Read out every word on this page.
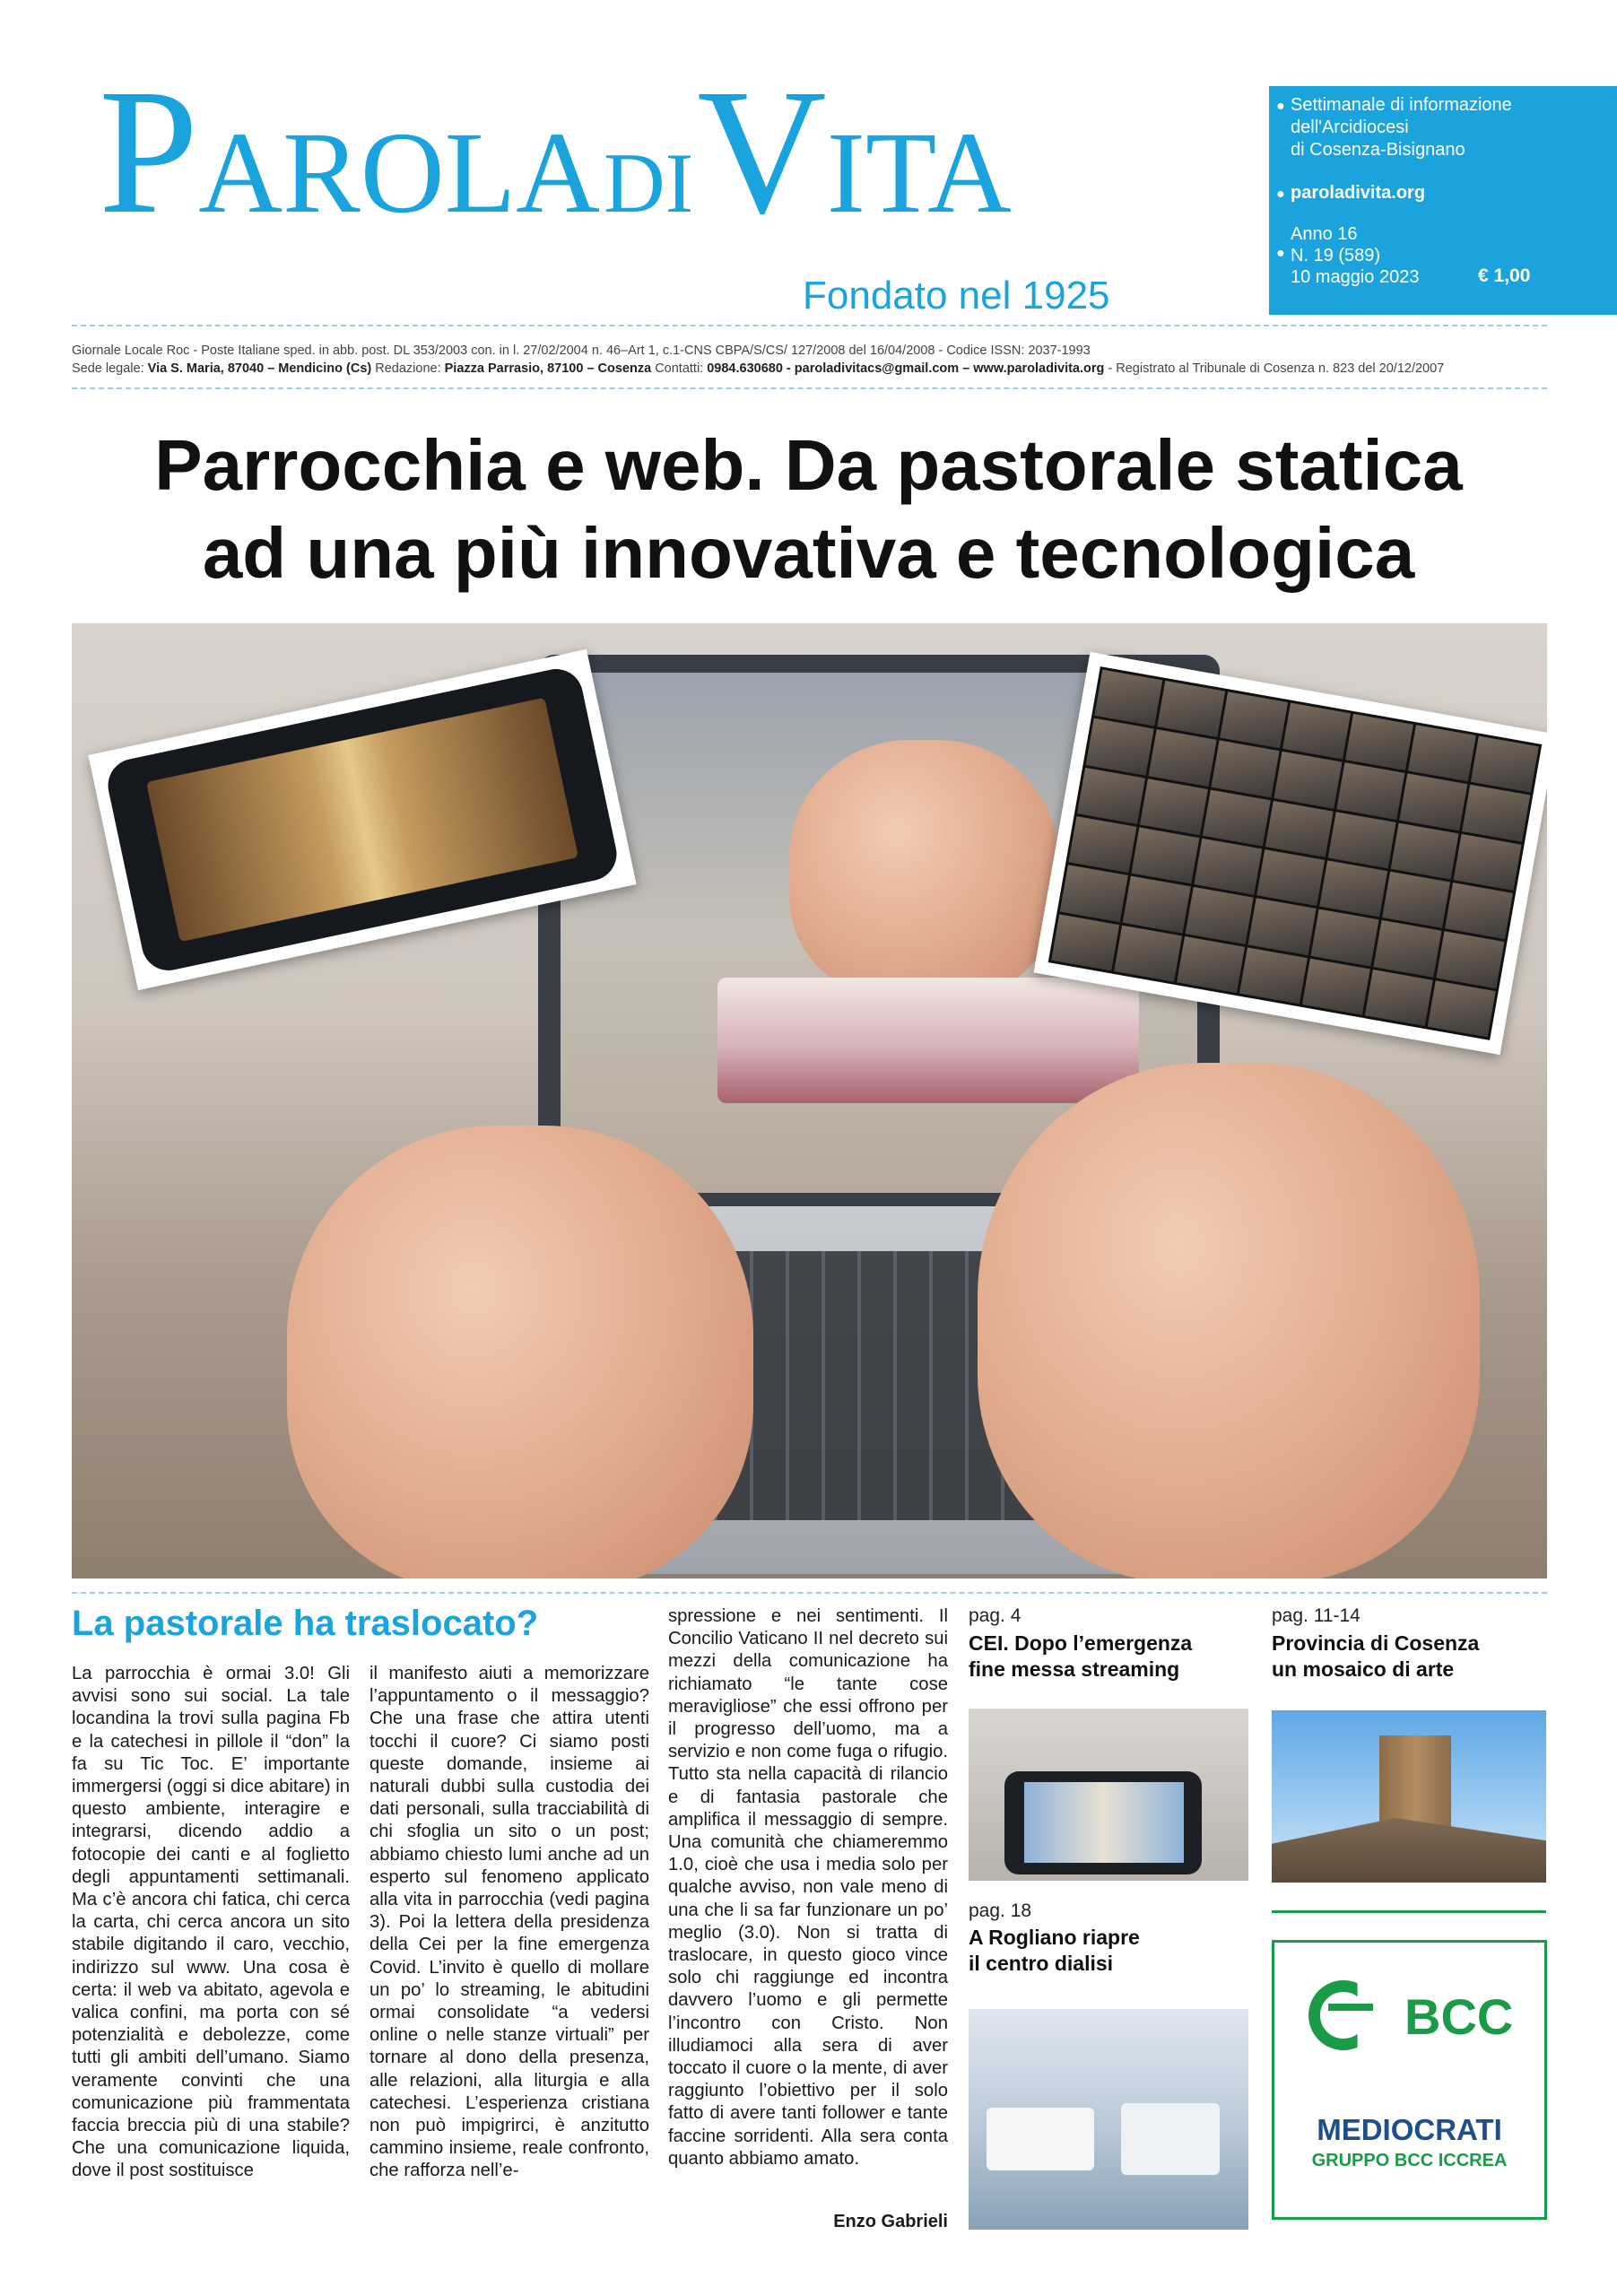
PAROLA DI VITA
Fondato nel 1925
● Settimanale di informazione
dell'Arcidiocesi
di Cosenza-Bisignano
● paroladivita.org
●
Anno 16
N. 19 (589)
10 maggio 2023	€ 1,00
Giornale Locale Roc - Poste Italiane sped. in abb. post. DL 353/2003 con. in l. 27/02/2004 n. 46–Art 1, c.1-CNS CBPA/S/CS/ 127/2008 del 16/04/2008 - Codice ISSN: 2037-1993
Sede legale: Via S. Maria, 87040 – Mendicino (Cs) Redazione: Piazza Parrasio, 87100 – Cosenza Contatti: 0984.630680 - paroladivitacs@gmail.com – www.paroladivita.org - Registrato al Tribunale di Cosenza n. 823 del 20/12/2007
Parrocchia e web. Da pastorale statica
ad una più innovativa e tecnologica
La pastorale ha traslocato?

La parrocchia è ormai 3.0! Gli avvisi sono sui social. La tale locandina la trovi sulla pagina Fb e la catechesi in pillole il “don” la fa su Tic Toc. E’ importante immergersi (oggi si dice abitare) in questo ambiente, interagire e integrarsi, dicendo addio a fotocopie dei canti e al foglietto degli appuntamenti settimanali. Ma c’è ancora chi fatica, chi cerca la carta, chi cerca ancora un sito stabile digitando il caro, vecchio, indirizzo sul www. Una cosa è certa: il web va abitato, agevola e valica confini, ma porta con sé potenzialità e debolezze, come tutti gli ambiti dell’umano. Siamo veramente convinti che una comunicazione più frammentata faccia breccia più di una stabile? Che una comunicazione liquida, dove il post sostituisce

il manifesto aiuti a memorizzare l’appuntamento o il messaggio? Che una frase che attira utenti tocchi il cuore? Ci siamo posti queste domande, insieme ai naturali dubbi sulla custodia dei dati personali, sulla tracciabilità di chi sfoglia un sito o un post; abbiamo chiesto lumi anche ad un esperto sul fenomeno applicato alla vita in parrocchia (vedi pagina 3). Poi la lettera della presidenza della Cei per la fine emergenza Covid. L’invito è quello di mollare un po’ lo streaming, le abitudini ormai consolidate “a vedersi online o nelle stanze virtuali” per tornare al dono della presenza, alle relazioni, alla liturgia e alla catechesi. L’esperienza cristiana non può impigrirci, è anzitutto cammino insieme, reale confronto, che rafforza nell’e-

spressione e nei sentimenti. Il Concilio Vaticano II nel decreto sui mezzi della comunicazione ha richiamato “le tante cose meravigliose” che essi offrono per il progresso dell’uomo, ma a servizio e non come fuga o rifugio. Tutto sta nella capacità di rilancio e di fantasia pastorale che amplifica il messaggio di sempre. Una comunità che chiameremmo 1.0, cioè che usa i media solo per qualche avviso, non vale meno di una che li sa far funzionare un po’ meglio (3.0). Non si tratta di traslocare, in questo gioco vince solo chi raggiunge ed incontra davvero l’uomo e gli permette l’incontro con Cristo. Non illudiamoci alla sera di aver toccato il cuore o la mente, di aver raggiunto l’obiettivo per il solo fatto di avere tanti follower e tante faccine sorridenti. Alla sera conta quanto abbiamo amato.

Enzo Gabrieli
pag. 4
CEI. Dopo l’emergenza
fine messa streaming
pag. 18
A Rogliano riapre
il centro dialisi
pag. 11-14
Provincia di Cosenza
un mosaico di arte
BCC
MEDIOCRATI
GRUPPO BCC ICCREA
